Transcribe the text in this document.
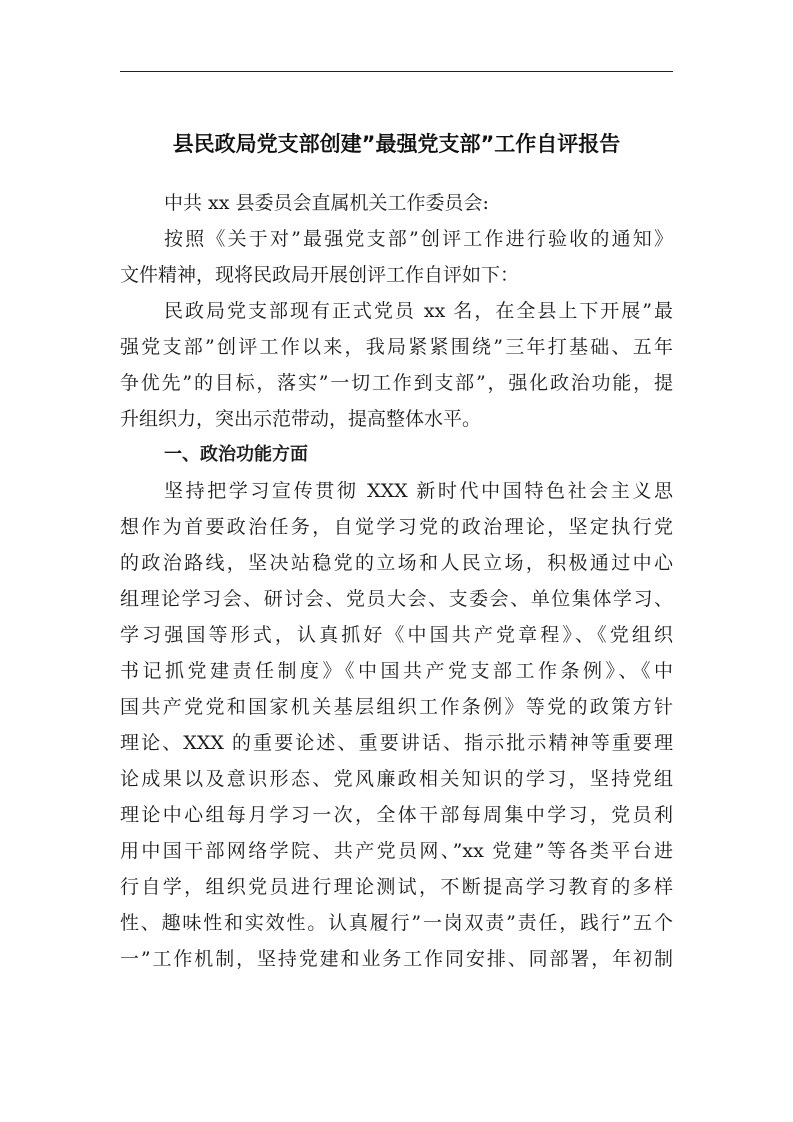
县民政局党支部创建”最强党支部”工作自评报告
中共 xx 县委员会直属机关工作委员会:
按照《关于对”最强党支部”创评工作进行验收的通知》
文件精神，现将民政局开展创评工作自评如下：
民政局党支部现有正式党员 xx 名，在全县上下开展”最
强党支部”创评工作以来，我局紧紧围绕”三年打基础、五年
争优先”的目标，落实”一切工作到支部”，强化政治功能，提
升组织力，突出示范带动，提高整体水平。
一、政治功能方面
坚持把学习宣传贯彻 XXX 新时代中国特色社会主义思
想作为首要政治任务，自觉学习党的政治理论，坚定执行党
的政治路线，坚决站稳党的立场和人民立场，积极通过中心
组理论学习会、研讨会、党员大会、支委会、单位集体学习、
学习强国等形式，认真抓好《中国共产党章程》、《党组织
书记抓党建责任制度》《中国共产党支部工作条例》、《中
国共产党党和国家机关基层组织工作条例》等党的政策方针
理论、XXX 的重要论述、重要讲话、指示批示精神等重要理
论成果以及意识形态、党风廉政相关知识的学习，坚持党组
理论中心组每月学习一次，全体干部每周集中学习，党员利
用中国干部网络学院、共产党员网、”xx 党建”等各类平台进
行自学，组织党员进行理论测试，不断提高学习教育的多样
性、趣味性和实效性。认真履行”一岗双责”责任，践行”五个
一”工作机制，坚持党建和业务工作同安排、同部署，年初制
